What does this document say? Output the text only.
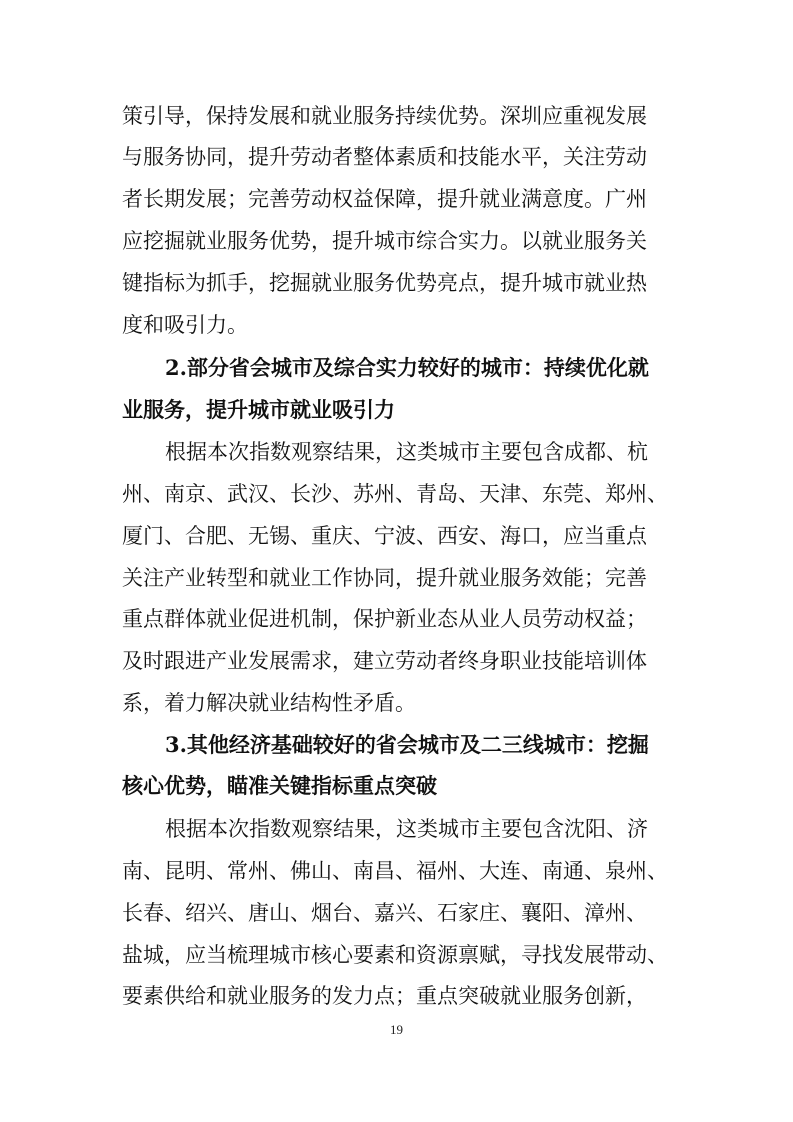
策引导，保持发展和就业服务持续优势。深圳应重视发展
与服务协同，提升劳动者整体素质和技能水平，关注劳动
者长期发展；完善劳动权益保障，提升就业满意度。广州
应挖掘就业服务优势，提升城市综合实力。以就业服务关
键指标为抓手，挖掘就业服务优势亮点，提升城市就业热
度和吸引力。
2.部分省会城市及综合实力较好的城市：持续优化就
业服务，提升城市就业吸引力
根据本次指数观察结果，这类城市主要包含成都、杭
州、南京、武汉、长沙、苏州、青岛、天津、东莞、郑州、
厦门、合肥、无锡、重庆、宁波、西安、海口，应当重点
关注产业转型和就业工作协同，提升就业服务效能；完善
重点群体就业促进机制，保护新业态从业人员劳动权益；
及时跟进产业发展需求，建立劳动者终身职业技能培训体
系，着力解决就业结构性矛盾。
3.其他经济基础较好的省会城市及二三线城市：挖掘
核心优势，瞄准关键指标重点突破
根据本次指数观察结果，这类城市主要包含沈阳、济
南、昆明、常州、佛山、南昌、福州、大连、南通、泉州、
长春、绍兴、唐山、烟台、嘉兴、石家庄、襄阳、漳州、
盐城，应当梳理城市核心要素和资源禀赋，寻找发展带动、
要素供给和就业服务的发力点；重点突破就业服务创新，
19
